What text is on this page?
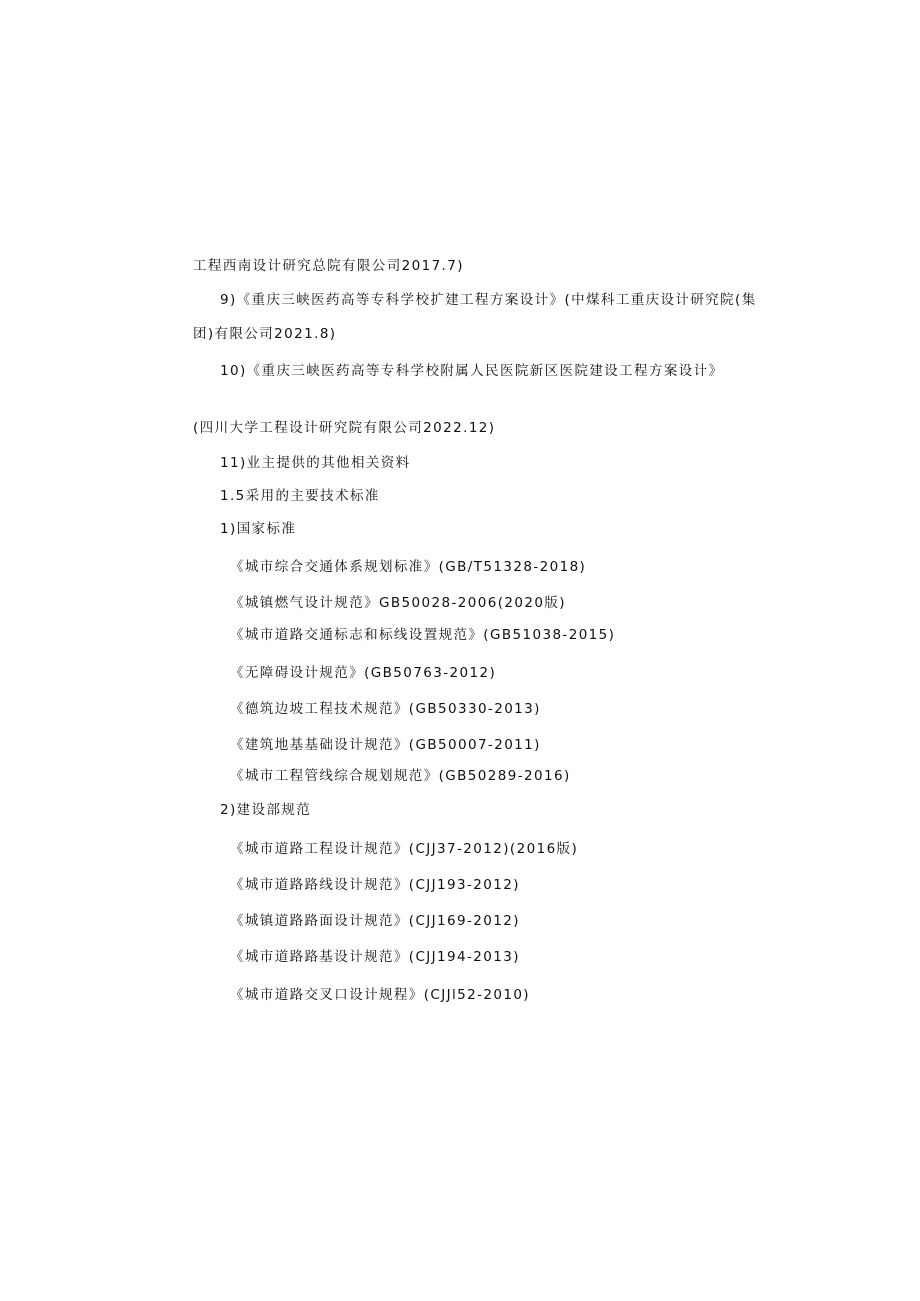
工程西南设计研究总院有限公司2017.7)
9)《重庆三峡医药高等专科学校扩建工程方案设计》(中煤科工重庆设计研究院(集
团)有限公司2021.8)
10)《重庆三峡医药高等专科学校附属人民医院新区医院建设工程方案设计》
(四川大学工程设计研究院有限公司2022.12)
11)业主提供的其他相关资料
1.5采用的主要技术标准
1)国家标准
《城市综合交通体系规划标准》(GB/T51328-2018)
《城镇燃气设计规范》GB50028-2006(2020版)
《城市道路交通标志和标线设置规范》(GB51038-2015)
《无障碍设计规范》(GB50763-2012)
《德筑边坡工程技术规范》(GB50330-2013)
《建筑地基基础设计规范》(GB50007-2011)
《城市工程管线综合规划规范》(GB50289-2016)
2)建设部规范
《城市道路工程设计规范》(CJJ37-2012)(2016版)
《城市道路路线设计规范》(CJJ193-2012)
《城镇道路路面设计规范》(CJJ169-2012)
《城市道路路基设计规范》(CJJ194-2013)
《城市道路交叉口设计规程》(CJJl52-2010)
